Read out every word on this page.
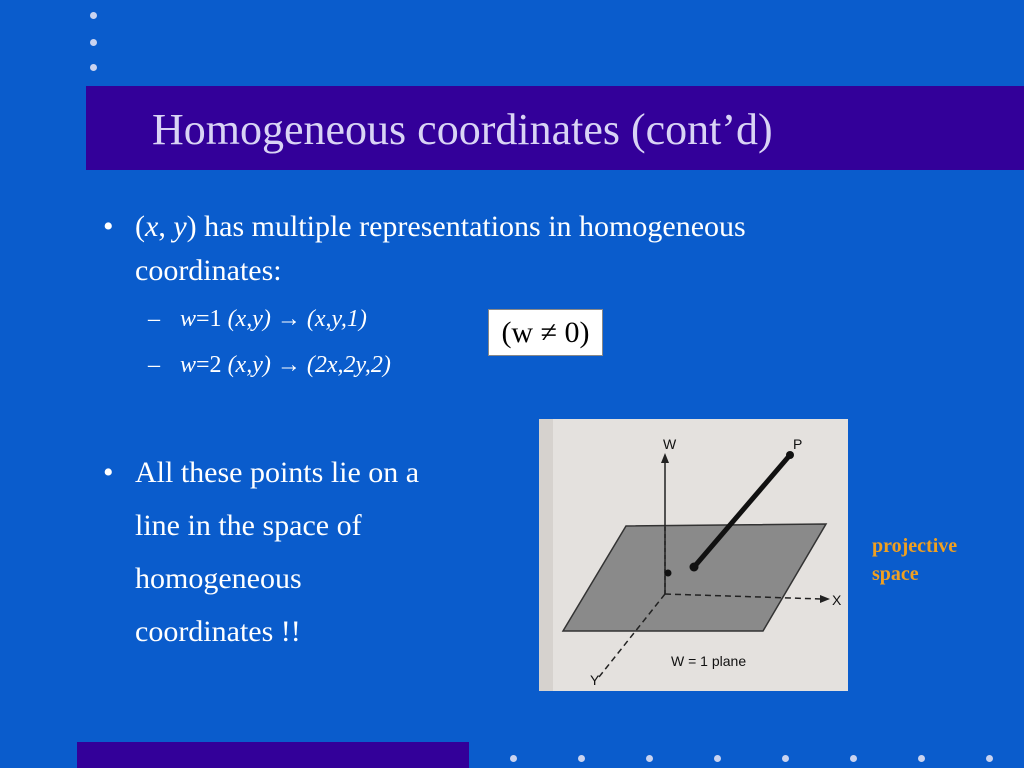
Homogeneous coordinates (cont’d)
• (x, y) has multiple representations in homogeneous
coordinates:
– w=1 (x,y) → (x,y,1)
– w=2 (x,y) → (2x,2y,2)
(w ≠ 0)
• All these points lie on a
line in the space of
homogeneous
coordinates !!
W	P
X
Y
W = 1 plane
projective
space
